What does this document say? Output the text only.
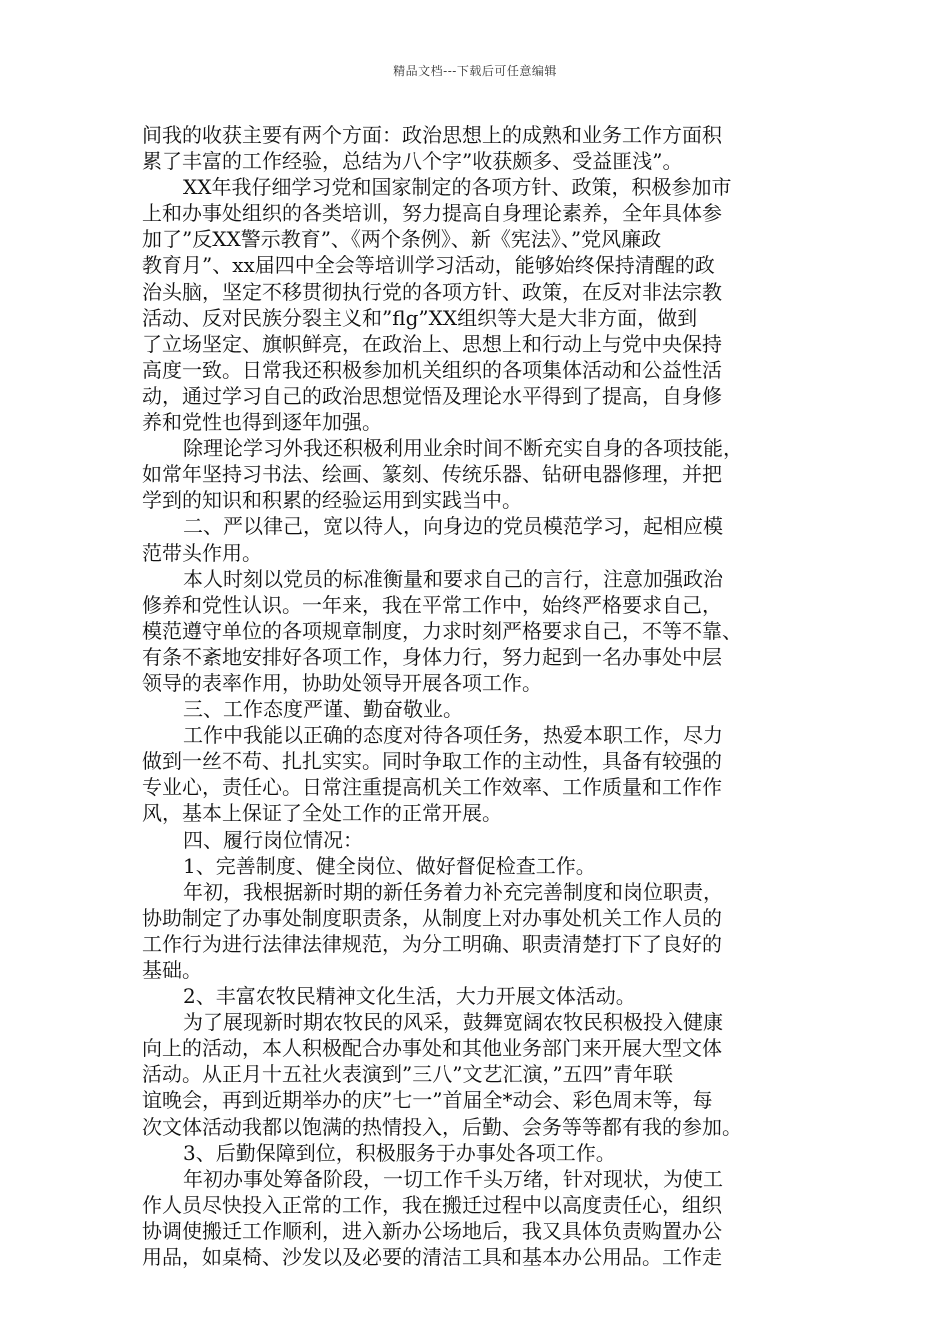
精品文档---下载后可任意编辑
间我的收获主要有两个方面：政治思想上的成熟和业务工作方面积
累了丰富的工作经验，总结为八个字”收获颇多、受益匪浅”。
XX年我仔细学习党和国家制定的各项方针、政策，积极参加市
上和办事处组织的各类培训，努力提高自身理论素养，全年具体参
加了”反XX警示教育”、《两个条例》、新《宪法》、”党风廉政
教育月”、xx届四中全会等培训学习活动，能够始终保持清醒的政
治头脑，坚定不移贯彻执行党的各项方针、政策，在反对非法宗教
活动、反对民族分裂主义和”flg”XX组织等大是大非方面，做到
了立场坚定、旗帜鲜亮，在政治上、思想上和行动上与党中央保持
高度一致。日常我还积极参加机关组织的各项集体活动和公益性活
动，通过学习自己的政治思想觉悟及理论水平得到了提高，自身修
养和党性也得到逐年加强。
除理论学习外我还积极利用业余时间不断充实自身的各项技能，
如常年坚持习书法、绘画、篆刻、传统乐器、钻研电器修理，并把
学到的知识和积累的经验运用到实践当中。
二、严以律己，宽以待人，向身边的党员模范学习，起相应模
范带头作用。
本人时刻以党员的标准衡量和要求自己的言行，注意加强政治
修养和党性认识。一年来，我在平常工作中，始终严格要求自己，
模范遵守单位的各项规章制度，力求时刻严格要求自己，不等不靠、
有条不紊地安排好各项工作，身体力行，努力起到一名办事处中层
领导的表率作用，协助处领导开展各项工作。
三、工作态度严谨、勤奋敬业。
工作中我能以正确的态度对待各项任务，热爱本职工作，尽力
做到一丝不苟、扎扎实实。同时争取工作的主动性，具备有较强的
专业心，责任心。日常注重提高机关工作效率、工作质量和工作作
风，基本上保证了全处工作的正常开展。
四、履行岗位情况：
1、完善制度、健全岗位、做好督促检查工作。
年初，我根据新时期的新任务着力补充完善制度和岗位职责，
协助制定了办事处制度职责条，从制度上对办事处机关工作人员的
工作行为进行法律法律规范，为分工明确、职责清楚打下了良好的
基础。
2、丰富农牧民精神文化生活，大力开展文体活动。
为了展现新时期农牧民的风采，鼓舞宽阔农牧民积极投入健康
向上的活动，本人积极配合办事处和其他业务部门来开展大型文体
活动。从正月十五社火表演到”三八”文艺汇演，”五四”青年联
谊晚会，再到近期举办的庆”七一”首届全*动会、彩色周末等，每
次文体活动我都以饱满的热情投入，后勤、会务等等都有我的参加。
3、后勤保障到位，积极服务于办事处各项工作。
年初办事处筹备阶段，一切工作千头万绪，针对现状，为使工
作人员尽快投入正常的工作，我在搬迁过程中以高度责任心，组织
协调使搬迁工作顺利，进入新办公场地后，我又具体负责购置办公
用品，如桌椅、沙发以及必要的清洁工具和基本办公用品。工作走
